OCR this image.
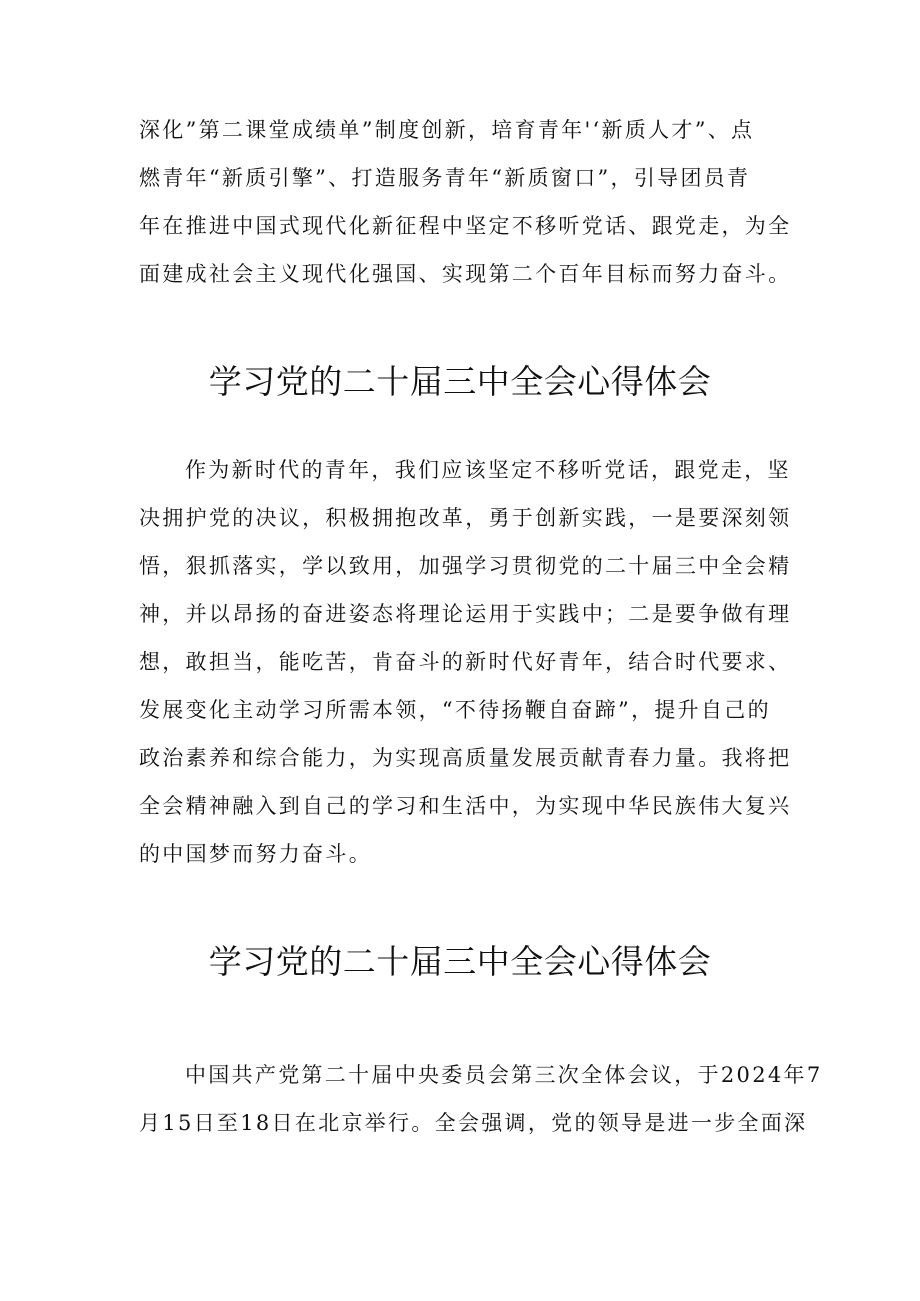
深化”第二课堂成绩单”制度创新，培育青年'‘新质人才”、点
燃青年“新质引擎”、打造服务青年“新质窗口”，引导团员青
年在推进中国式现代化新征程中坚定不移听党话、跟党走，为全
面建成社会主义现代化强国、实现第二个百年目标而努力奋斗。

学习党的二十届三中全会心得体会

作为新时代的青年，我们应该坚定不移听党话，跟党走，坚
决拥护党的决议，积极拥抱改革，勇于创新实践，一是要深刻领
悟，狠抓落实，学以致用，加强学习贯彻党的二十届三中全会精
神，并以昂扬的奋进姿态将理论运用于实践中；二是要争做有理
想，敢担当，能吃苦，肯奋斗的新时代好青年，结合时代要求、
发展变化主动学习所需本领，“不待扬鞭自奋蹄”，提升自己的
政治素养和综合能力，为实现高质量发展贡献青春力量。我将把
全会精神融入到自己的学习和生活中，为实现中华民族伟大复兴
的中国梦而努力奋斗。

学习党的二十届三中全会心得体会

中国共产党第二十届中央委员会第三次全体会议，于2024年7
月15日至18日在北京举行。全会强调，党的领导是进一步全面深
